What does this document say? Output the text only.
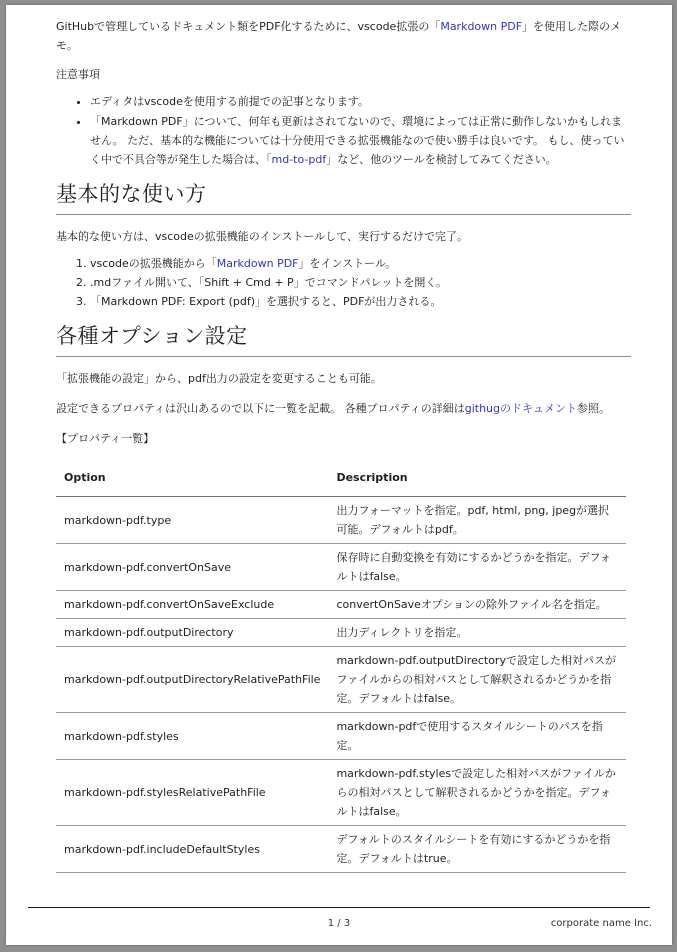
GitHubで管理しているドキュメント類をPDF化するために、vscode拡張の「Markdown PDF」を使用した際のメモ。

注意事項

• エディタはvscodeを使用する前提での記事となります。
• 「Markdown PDF」について、何年も更新はされてないので、環境によっては正常に動作しないかもしれません。 ただ、基本的な機能については十分使用できる拡張機能なので使い勝手は良いです。 もし、使っていく中で不具合等が発生した場合は、「md-to-pdf」など、他のツールを検討してみてください。
基本的な使い方

基本的な使い方は、vscodeの拡張機能のインストールして、実行するだけで完了。

1. vscodeの拡張機能から「Markdown PDF」をインストール。
2. .mdファイル開いて、「Shift + Cmd + P」でコマンドパレットを開く。
3. 「Markdown PDF: Export (pdf)」を選択すると、PDFが出力される。
各種オプション設定

「拡張機能の設定」から、pdf出力の設定を変更することも可能。

設定できるプロパティは沢山あるので以下に一覧を記載。 各種プロパティの詳細はgithugのドキュメント参照。

【プロパティ一覧】

Option	Description
markdown-pdf.type	出力フォーマットを指定。pdf, html, png, jpegが選択可能。デフォルトはpdf。
markdown-pdf.convertOnSave	保存時に自動変換を有効にするかどうかを指定。デフォルトはfalse。
markdown-pdf.convertOnSaveExclude	convertOnSaveオプションの除外ファイル名を指定。
markdown-pdf.outputDirectory	出力ディレクトリを指定。
markdown-pdf.outputDirectoryRelativePathFile	markdown-pdf.outputDirectoryで設定した相対パスがファイルからの相対パスとして解釈されるかどうかを指定。デフォルトはfalse。
markdown-pdf.styles	markdown-pdfで使用するスタイルシートのパスを指定。
markdown-pdf.stylesRelativePathFile	markdown-pdf.stylesで設定した相対パスがファイルからの相対パスとして解釈されるかどうかを指定。デフォルトはfalse。
markdown-pdf.includeDefaultStyles	デフォルトのスタイルシートを有効にするかどうかを指定。デフォルトはtrue。
1 / 3	corporate name Inc.
